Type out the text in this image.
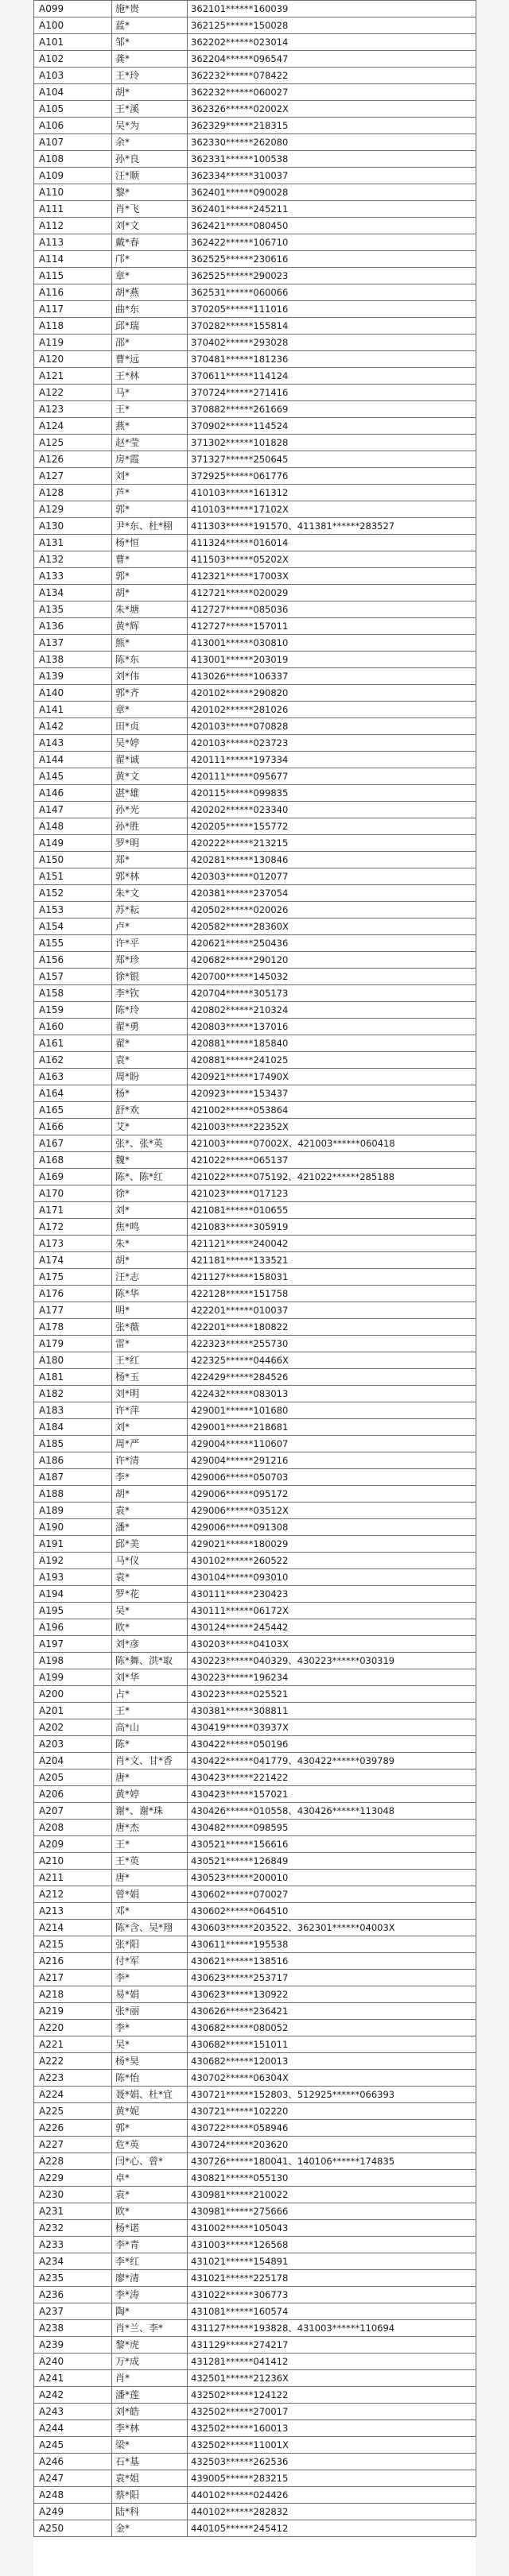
A099	施*贵	362101******160039
A100	蓝*	362125******150028
A101	邹*	362202******023014
A102	龚*	362204******096547
A103	王*玲	362232******078422
A104	胡*	362232******060027
A105	王*溪	362326******02002X
A106	吴*为	362329******218315
A107	余*	362330******262080
A108	孙*良	362331******100538
A109	汪*顺	362334******310037
A110	黎*	362401******090028
A111	肖*飞	362401******245211
A112	刘*文	362421******080450
A113	戴*春	362422******106710
A114	邝*	362525******230616
A115	章*	362525******290023
A116	胡*燕	362531******060066
A117	曲*东	370205******111016
A118	邱*瑞	370282******155814
A119	邵*	370402******293028
A120	曹*远	370481******181236
A121	王*林	370611******114124
A122	马*	370724******271416
A123	王*	370882******261669
A124	燕*	370902******114524
A125	赵*莹	371302******101828
A126	房*霞	371327******250645
A127	刘*	372925******061776
A128	芦*	410103******161312
A129	郭*	410103******17102X
A130	尹*东、杜*栩	411303******191570、411381******283527
A131	杨*恒	411324******016014
A132	曹*	411503******05202X
A133	郭*	412321******17003X
A134	胡*	412721******020029
A135	朱*塘	412727******085036
A136	黄*辉	412727******157011
A137	熊*	413001******030810
A138	陈*东	413001******203019
A139	刘*伟	413026******106337
A140	郭*齐	420102******290820
A141	章*	420102******281026
A142	田*贞	420103******070828
A143	吴*婷	420103******023723
A144	翟*诚	420111******197334
A145	黄*文	420111******095677
A146	湛*雄	420115******099835
A147	孙*光	420202******023340
A148	孙*胜	420205******155772
A149	罗*明	420222******213215
A150	郑*	420281******130846
A151	郭*林	420303******012077
A152	朱*文	420381******237054
A153	苏*耘	420502******020026
A154	卢*	420582******28360X
A155	许*平	420621******250436
A156	郑*珍	420682******290120
A157	徐*银	420700******145032
A158	李*钦	420704******305173
A159	陈*玲	420802******210324
A160	翟*勇	420803******137016
A161	翟*	420881******185840
A162	袁*	420881******241025
A163	周*盼	420921******17490X
A164	杨*	420923******153437
A165	舒*欢	421002******053864
A166	艾*	421003******22352X
A167	张*、张*英	421003******07002X、421003******060418
A168	魏*	421022******065137
A169	陈*、陈*红	421022******075192、421022******285188
A170	徐*	421023******017123
A171	刘*	421081******010655
A172	焦*鸣	421083******305919
A173	朱*	421121******240042
A174	胡*	421181******133521
A175	汪*志	421127******158031
A176	陈*华	422128******151758
A177	明*	422201******010037
A178	张*薇	422201******180822
A179	雷*	422323******255730
A180	王*红	422325******04466X
A181	杨*玉	422429******284526
A182	刘*明	422432******083013
A183	许*萍	429001******101680
A184	刘*	429001******218681
A185	周*严	429004******110607
A186	许*清	429004******291216
A187	李*	429006******050703
A188	胡*	429006******095172
A189	袁*	429006******03512X
A190	潘*	429006******091308
A191	邱*美	429021******180029
A192	马*仪	430102******260522
A193	袁*	430104******093010
A194	罗*花	430111******230423
A195	吴*	430111******06172X
A196	欧*	430124******245442
A197	刘*彦	430203******04103X
A198	陈*舞、洪*取	430223******040329、430223******030319
A199	刘*华	430223******196234
A200	占*	430223******025521
A201	王*	430381******308811
A202	高*山	430419******03937X
A203	陈*	430422******050196
A204	肖*文、甘*香	430422******041779、430422******039789
A205	唐*	430423******221422
A206	黄*婷	430423******157021
A207	谢*、谢*珠	430426******010558、430426******113048
A208	唐*杰	430482******098595
A209	王*	430521******156616
A210	王*英	430521******126849
A211	唐*	430523******200010
A212	曾*娟	430602******070027
A213	邓*	430602******064510
A214	陈*含、吴*翔	430603******203522、362301******04003X
A215	张*阳	430611******195538
A216	付*军	430621******138516
A217	李*	430623******253717
A218	易*娟	430623******130922
A219	张*丽	430626******236421
A220	李*	430682******080052
A221	吴*	430682******151011
A222	杨*昊	430682******120013
A223	陈*怡	430702******06304X
A224	聂*娟、杜*宜	430721******152803、512925******066393
A225	黄*妮	430721******102220
A226	郭*	430722******058946
A227	危*英	430724******203620
A228	闫*心、曾*	430726******180041、140106******174835
A229	卓*	430821******055130
A230	袁*	430981******210022
A231	欧*	430981******275666
A232	杨*诺	431002******105043
A233	李*青	431003******126568
A234	李*红	431021******154891
A235	廖*清	431021******225178
A236	李*涛	431022******306773
A237	陶*	431081******160574
A238	肖*兰、李*	431127******193828、431003******110694
A239	黎*虎	431129******274217
A240	万*成	431281******041412
A241	肖*	432501******21236X
A242	潘*莲	432502******124122
A243	刘*皓	432502******270017
A244	李*林	432502******160013
A245	梁*	432502******11001X
A246	石*基	432503******262536
A247	袁*姐	439005******283215
A248	蔡*阳	440102******024426
A249	陆*科	440102******282832
A250	金*	440105******245412
